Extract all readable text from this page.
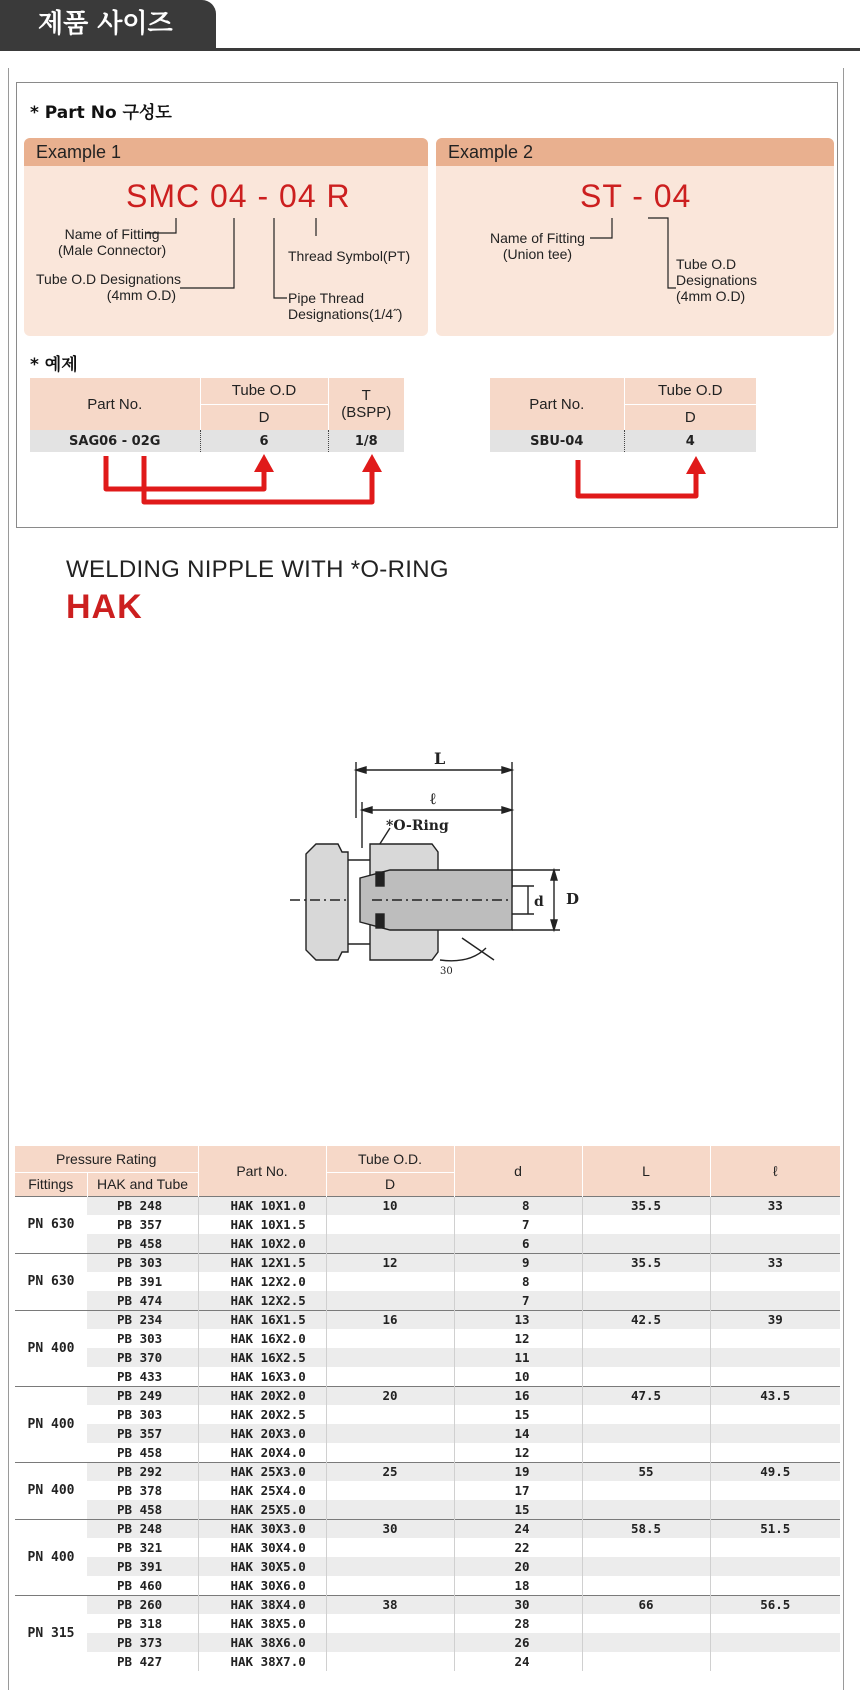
제품 사이즈
* Part No 구성도
Example 1
SMC 04 - 04 R
Name of Fitting
(Male Connector)
Tube O.D Designations
(4mm O.D)
Thread Symbol(PT)
Pipe Thread
Designations(1/4˝)
Example 2
ST - 04
Name of Fitting
(Union tee)
Tube O.D
Designations
(4mm O.D)
* 예제
Part No.	Tube O.D	T
(BSPP)

	D	
SAG06 - 02G	6	1/8
Part No.	Tube O.D
	D
SBU-04	4
WELDING NIPPLE WITH *O-RING
HAK
L
ℓ
*O-Ring
d D
30
Pressure Rating		Part No.	Tube O.D.	d	L	ℓ
Fittings	HAK and Tube		D			
PN 630	PB 248	HAK 10X1.0	10	8	35.5	33
	PB 357	HAK 10X1.5		7		
	PB 458	HAK 10X2.0		6		
PN 630	PB 303	HAK 12X1.5	12	9	35.5	33
	PB 391	HAK 12X2.0		8		
	PB 474	HAK 12X2.5		7		
PN 400	PB 234	HAK 16X1.5	16	13	42.5	39
	PB 303	HAK 16X2.0		12		
	PB 370	HAK 16X2.5		11		
	PB 433	HAK 16X3.0		10		
PN 400	PB 249	HAK 20X2.0	20	16	47.5	43.5
	PB 303	HAK 20X2.5		15		
	PB 357	HAK 20X3.0		14		
	PB 458	HAK 20X4.0		12		
PN 400	PB 292	HAK 25X3.0	25	19	55	49.5
	PB 378	HAK 25X4.0		17		
	PB 458	HAK 25X5.0		15		
PN 400	PB 248	HAK 30X3.0	30	24	58.5	51.5
	PB 321	HAK 30X4.0		22		
	PB 391	HAK 30X5.0		20		
	PB 460	HAK 30X6.0		18		
PN 315	PB 260	HAK 38X4.0	38	30	66	56.5
	PB 318	HAK 38X5.0		28		
	PB 373	HAK 38X6.0		26		
	PB 427	HAK 38X7.0		24		
